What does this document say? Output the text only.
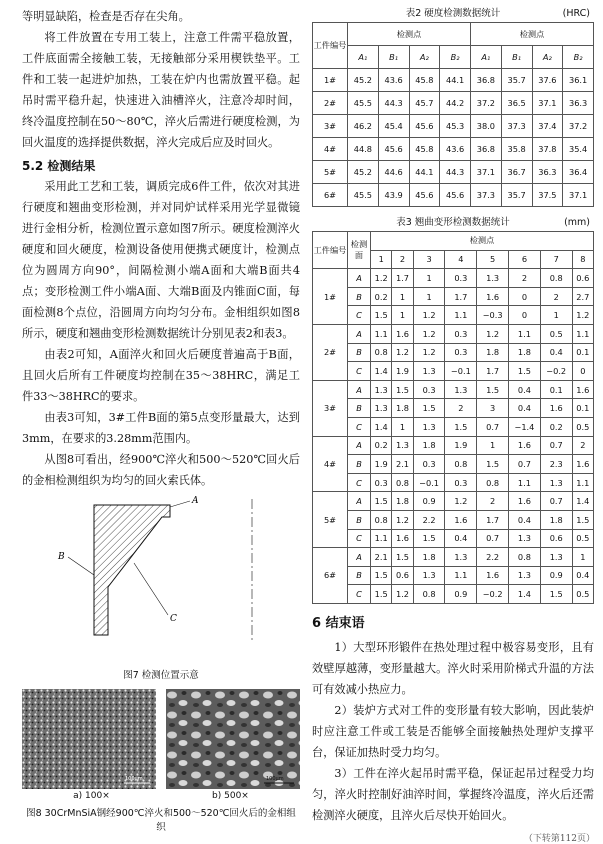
等明显缺陷，检查是否存在尖角。

将工件放置在专用工装上，注意工件需平稳放置，工件底面需全接触工装，无接触部分采用楔铁垫平。工件和工装一起进炉加热，工装在炉内也需放置平稳。起吊时需平稳升起，快速进入油槽淬火，注意冷却时间，终冷温度控制在50～80℃，淬火后需进行硬度检测，为回火温度的选择提供数据，淬火完成后应及时回火。

5.2 检测结果

采用此工艺和工装，调质完成6件工件，依次对其进行硬度和翘曲变形检测，并对同炉试样采用光学显微镜进行金相分析，检测位置示意如图7所示。硬度检测淬火硬度和回火硬度，检测设备使用便携式硬度计，检测点位为圆周方向90°，间隔检测小端A面和大端B面共4点；变形检测工件小端A面、大端B面及内锥面C面，每面检测8个点位，沿圆周方向均匀分布。金相组织如图8所示，硬度和翘曲变形检测数据统计分别见表2和表3。

由表2可知，A面淬火和回火后硬度普遍高于B面，且回火后所有工件硬度均控制在35～38HRC，满足工件33～38HRC的要求。

由表3可知，3#工件B面的第5点变形量最大，达到3mm，在要求的3.28mm范围内。

从图8可看出，经900℃淬火和500～520℃回火后的金相检测组织为均匀的回火索氏体。

A
B
C
图7 检测位置示意
100μm	100μm
a) 100×	b) 500×
图8 30CrMnSiA钢经900℃淬火和500～520℃回火后的金相组织
表2 硬度检测数据统计	(HRC)
工件编号	检测点				检测点			
	A₁	B₁	A₂	B₂	A₁	B₁	A₂	B₂
1#	45.2	43.6	45.8	44.1	36.8	35.7	37.6	36.1
2#	45.5	44.3	45.7	44.2	37.2	36.5	37.1	36.3
3#	46.2	45.4	45.6	45.3	38.0	37.3	37.4	37.2
4#	44.8	45.6	45.8	43.6	36.8	35.8	37.8	35.4
5#	45.2	44.6	44.1	44.3	37.1	36.7	36.3	36.4
6#	45.5	43.9	45.6	45.6	37.3	35.7	37.5	37.1
表3 翘曲变形检测数据统计	(mm)
工件编号	检测面	检测点							
		1	2	3	4	5	6	7	8
1#	A	1.2	1.7	1	0.3	1.3	2	0.8	0.6
	B	0.2	1	1	1.7	1.6	0	2	2.7
	C	1.5	1	1.2	1.1	−0.3	0	1	1.2
2#	A	1.1	1.6	1.2	0.3	1.2	1.1	0.5	1.1
	B	0.8	1.2	1.2	0.3	1.8	1.8	0.4	0.1
	C	1.4	1.9	1.3	−0.1	1.7	1.5	−0.2	0
3#	A	1.3	1.5	0.3	1.3	1.5	0.4	0.1	1.6
	B	1.3	1.8	1.5	2	3	0.4	1.6	0.1
	C	1.4	1	1.3	1.5	0.7	−1.4	0.2	0.5
4#	A	0.2	1.3	1.8	1.9	1	1.6	0.7	2
	B	1.9	2.1	0.3	0.8	1.5	0.7	2.3	1.6
	C	0.3	0.8	−0.1	0.3	0.8	1.1	1.3	1.1
5#	A	1.5	1.8	0.9	1.2	2	1.6	0.7	1.4
	B	0.8	1.2	2.2	1.6	1.7	0.4	1.8	1.5
	C	1.1	1.6	1.5	0.4	0.7	1.3	0.6	0.5
6#	A	2.1	1.5	1.8	1.3	2.2	0.8	1.3	1
	B	1.5	0.6	1.3	1.1	1.6	1.3	0.9	0.4
	C	1.5	1.2	0.8	0.9	−0.2	1.4	1.5	0.5
6 结束语

1）大型环形锻件在热处理过程中极容易变形，且有效壁厚越薄，变形量越大。淬火时采用阶梯式升温的方法可有效减小热应力。

2）装炉方式对工件的变形量有较大影响，因此装炉时应注意工件或工装是否能够全面接触热处理炉支撑平台，保证加热时受力均匀。

3）工件在淬火起吊时需平稳，保证起吊过程受力均匀，淬火时控制好油淬时间，掌握终冷温度，淬火后还需检测淬火硬度，且淬火后尽快开始回火。

（下转第112页）
